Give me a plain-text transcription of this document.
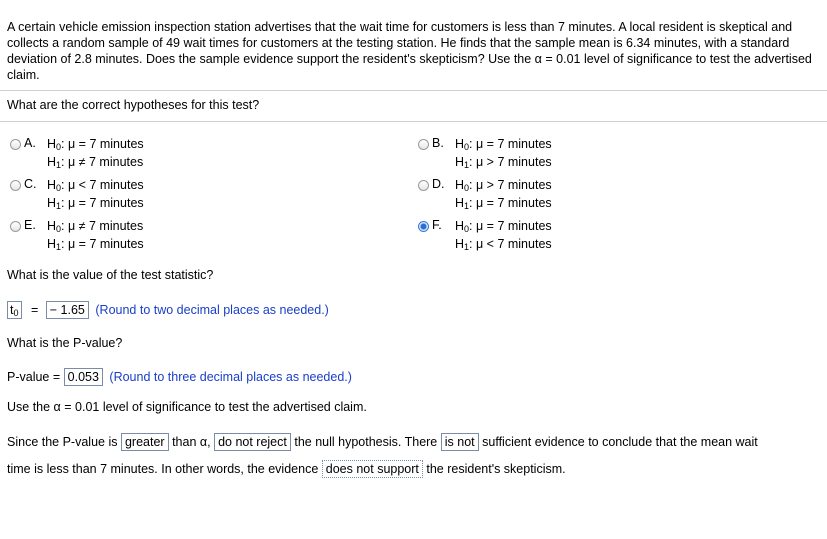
A certain vehicle emission inspection station advertises that the wait time for customers is less than 7 minutes. A local resident is skeptical and collects a random sample of 49 wait times for customers at the testing station. He finds that the sample mean is 6.34 minutes, with a standard deviation of 2.8 minutes. Does the sample evidence support the resident's skepticism? Use the α = 0.01 level of significance to test the advertised claim.
What are the correct hypotheses for this test?
A. $H_0$: μ = 7 minutes
$H_1$: μ ≠ 7 minutes
B. $H_0$: μ = 7 minutes
$H_1$: μ > 7 minutes
C. $H_0$: μ < 7 minutes
$H_1$: μ = 7 minutes
D. $H_0$: μ > 7 minutes
$H_1$: μ = 7 minutes
E. $H_0$: μ ≠ 7 minutes
$H_1$: μ = 7 minutes
F. $H_0$: μ = 7 minutes
$H_1$: μ < 7 minutes
What is the value of the test statistic?
$t_0$ = − 1.65 (Round to two decimal places as needed.)
What is the P-value?
P-value = 0.053 (Round to three decimal places as needed.)
Use the α = 0.01 level of significance to test the advertised claim.
Since the P-value is greater than α, do not reject the null hypothesis. There is not sufficient evidence to conclude that the mean wait
time is less than 7 minutes. In other words, the evidence does not support the resident's skepticism.
